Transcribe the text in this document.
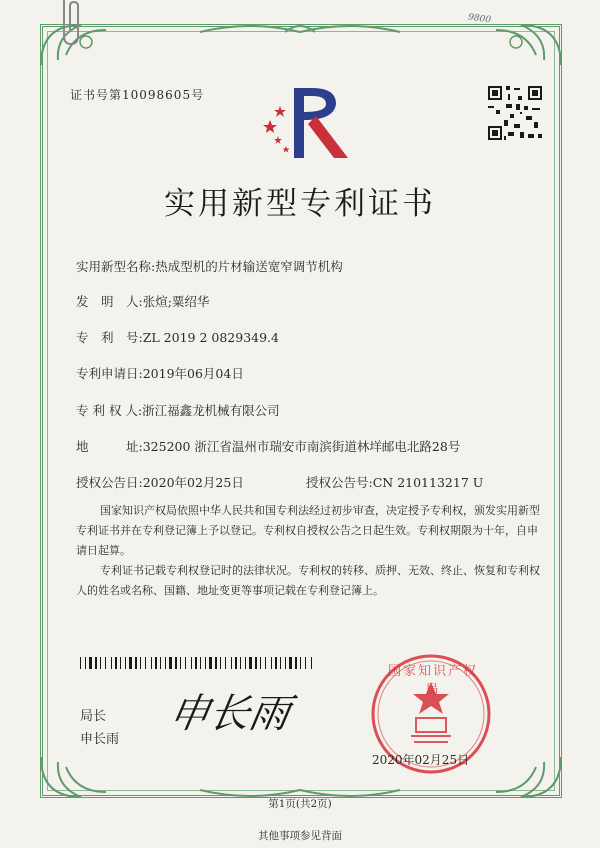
9800
证书号第10098605号
实用新型专利证书
实用新型名称:热成型机的片材输送宽窄调节机构
发　明　人:张煊;粟绍华
专　利　号:ZL 2019 2 0829349.4
专利申请日:2019年06月04日
专 利 权 人:浙江福鑫龙机械有限公司
地　　　址:325200 浙江省温州市瑞安市南滨街道林垟邮电北路28号
授权公告日:2020年02月25日	授权公告号:CN 210113217 U
国家知识产权局依照中华人民共和国专利法经过初步审查，决定授予专利权，颁发实用新型专利证书并在专利登记簿上予以登记。专利权自授权公告之日起生效。专利权期限为十年，自申请日起算。
专利证书记载专利权登记时的法律状况。专利权的转移、质押、无效、终止、恢复和专利权人的姓名或名称、国籍、地址变更等事项记载在专利登记簿上。
局长
申长雨
申长雨
国家知识产权局
2020年02月25日
第1页(共2页)
其他事项参见背面
